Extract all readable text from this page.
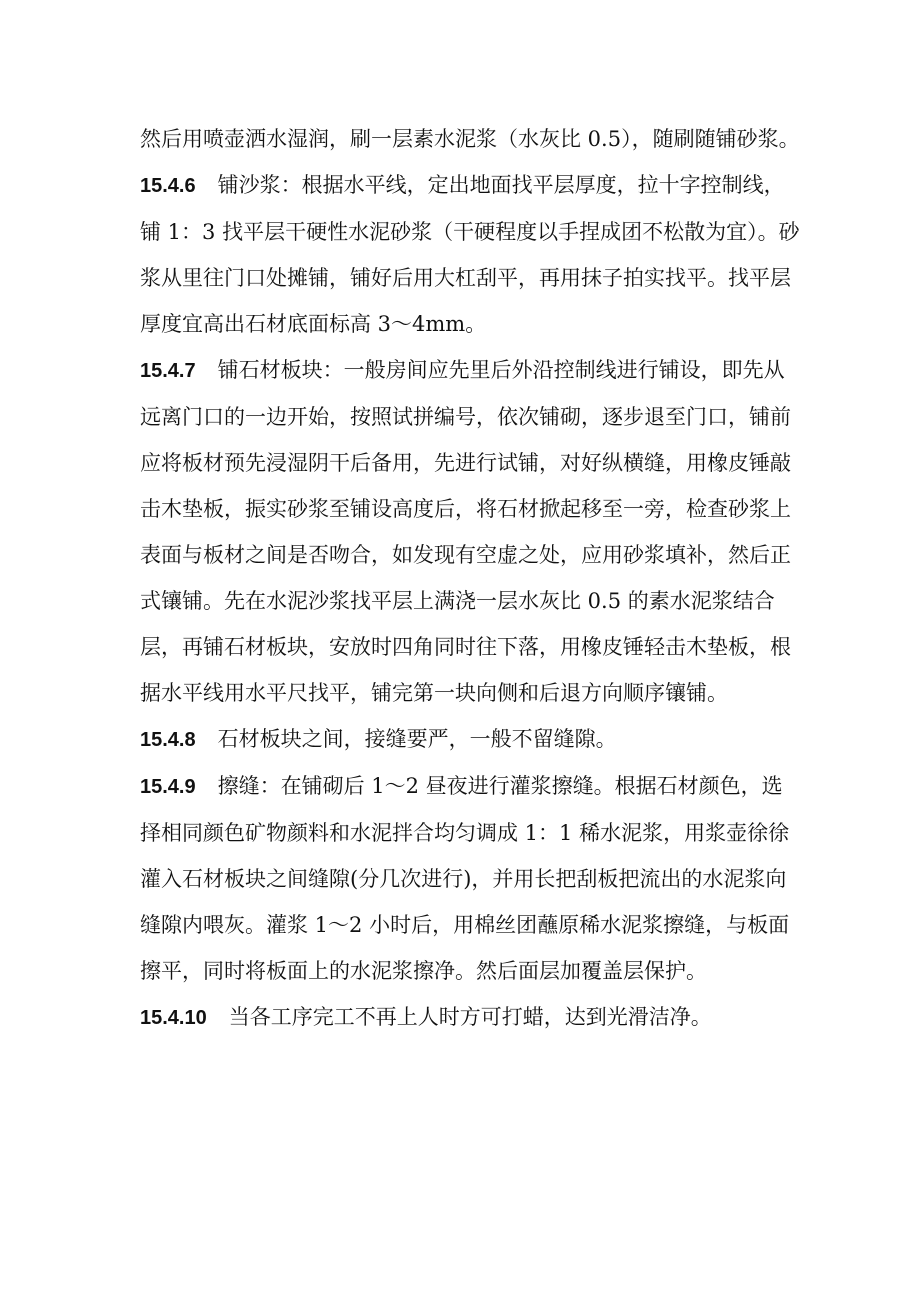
然后用喷壶洒水湿润，刷一层素水泥浆（水灰比 0.5），随刷随铺砂浆。

15.4.6 铺沙浆：根据水平线，定出地面找平层厚度，拉十字控制线，铺 1：3 找平层干硬性水泥砂浆（干硬程度以手捏成团不松散为宜）。砂浆从里往门口处摊铺，铺好后用大杠刮平，再用抹子拍实找平。找平层厚度宜高出石材底面标高 3～4mm。

15.4.7 铺石材板块：一般房间应先里后外沿控制线进行铺设，即先从远离门口的一边开始，按照试拼编号，依次铺砌，逐步退至门口，铺前应将板材预先浸湿阴干后备用，先进行试铺，对好纵横缝，用橡皮锤敲击木垫板，振实砂浆至铺设高度后，将石材掀起移至一旁，检查砂浆上表面与板材之间是否吻合，如发现有空虚之处，应用砂浆填补，然后正式镶铺。先在水泥沙浆找平层上满浇一层水灰比 0.5 的素水泥浆结合层，再铺石材板块，安放时四角同时往下落，用橡皮锤轻击木垫板，根据水平线用水平尺找平，铺完第一块向侧和后退方向顺序镶铺。

15.4.8 石材板块之间，接缝要严，一般不留缝隙。

15.4.9 擦缝：在铺砌后 1～2 昼夜进行灌浆擦缝。根据石材颜色，选择相同颜色矿物颜料和水泥拌合均匀调成 1：1 稀水泥浆，用浆壶徐徐灌入石材板块之间缝隙(分几次进行)，并用长把刮板把流出的水泥浆向缝隙内喂灰。灌浆 1～2 小时后，用棉丝团蘸原稀水泥浆擦缝，与板面擦平，同时将板面上的水泥浆擦净。然后面层加覆盖层保护。

15.4.10 当各工序完工不再上人时方可打蜡，达到光滑洁净。
